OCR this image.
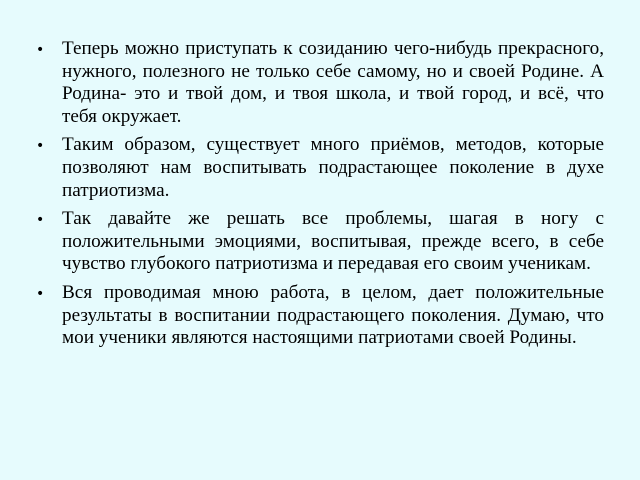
• Теперь можно приступать к созиданию чего-нибудь прекрасного, нужного, полезного не только себе самому, но и своей Родине. А Родина- это и твой дом, и твоя школа, и твой город, и всё, что тебя окружает.
• Таким образом, существует много приёмов, методов, которые позволяют нам воспитывать подрастающее поколение в духе патриотизма.
• Так давайте же решать все проблемы, шагая в ногу с положительными эмоциями, воспитывая, прежде всего, в себе чувство глубокого патриотизма и передавая его своим ученикам.
• Вся проводимая мною работа, в целом, дает положительные результаты в воспитании подрастающего поколения. Думаю, что мои ученики являются настоящими патриотами своей Родины.
